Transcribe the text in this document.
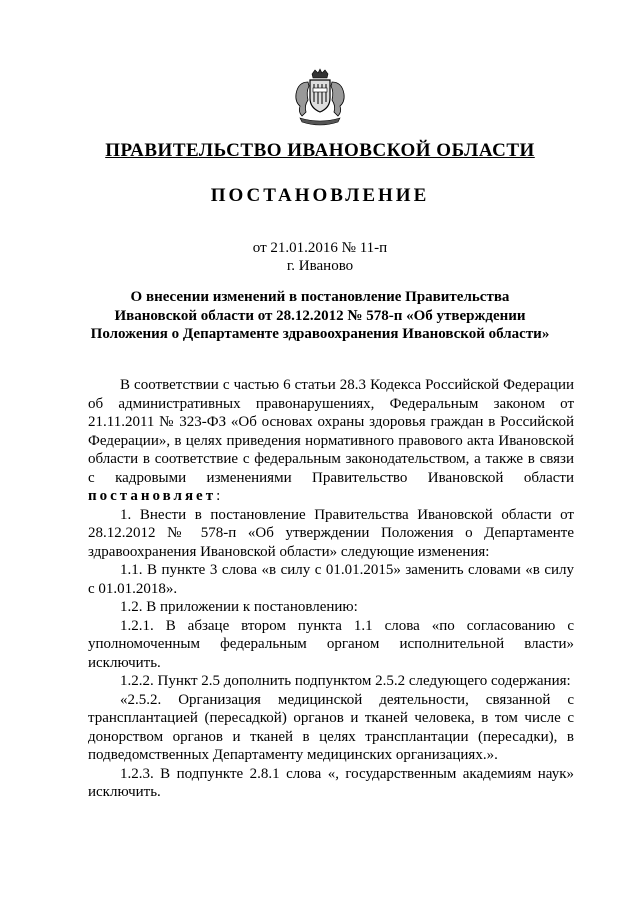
ПРАВИТЕЛЬСТВО ИВАНОВСКОЙ ОБЛАСТИ
ПОСТАНОВЛЕНИЕ
от 21.01.2016 № 11-п
г. Иваново
О внесении изменений в постановление Правительства
Ивановской области от 28.12.2012 № 578-п «Об утверждении
Положения о Департаменте здравоохранения Ивановской области»

В соответствии с частью 6 статьи 28.3 Кодекса Российской Федерации об административных правонарушениях, Федеральным законом от 21.11.2011 № 323-ФЗ «Об основах охраны здоровья граждан в Российской Федерации», в целях приведения нормативного правового акта Ивановской области в соответствие с федеральным законодательством, а также в связи с кадровыми изменениями Правительство Ивановской области постановляет:

1. Внести в постановление Правительства Ивановской области от 28.12.2012 № 578-п «Об утверждении Положения о Департаменте здравоохранения Ивановской области» следующие изменения:

1.1. В пункте 3 слова «в силу с 01.01.2015» заменить словами «в силу с 01.01.2018».

1.2. В приложении к постановлению:

1.2.1. В абзаце втором пункта 1.1 слова «по согласованию с уполномоченным федеральным органом исполнительной власти» исключить.

1.2.2. Пункт 2.5 дополнить подпунктом 2.5.2 следующего содержания:

«2.5.2. Организация медицинской деятельности, связанной с трансплантацией (пересадкой) органов и тканей человека, в том числе с донорством органов и тканей в целях трансплантации (пересадки), в подведомственных Департаменту медицинских организациях.».

1.2.3. В подпункте 2.8.1 слова «, государственным академиям наук» исключить.
